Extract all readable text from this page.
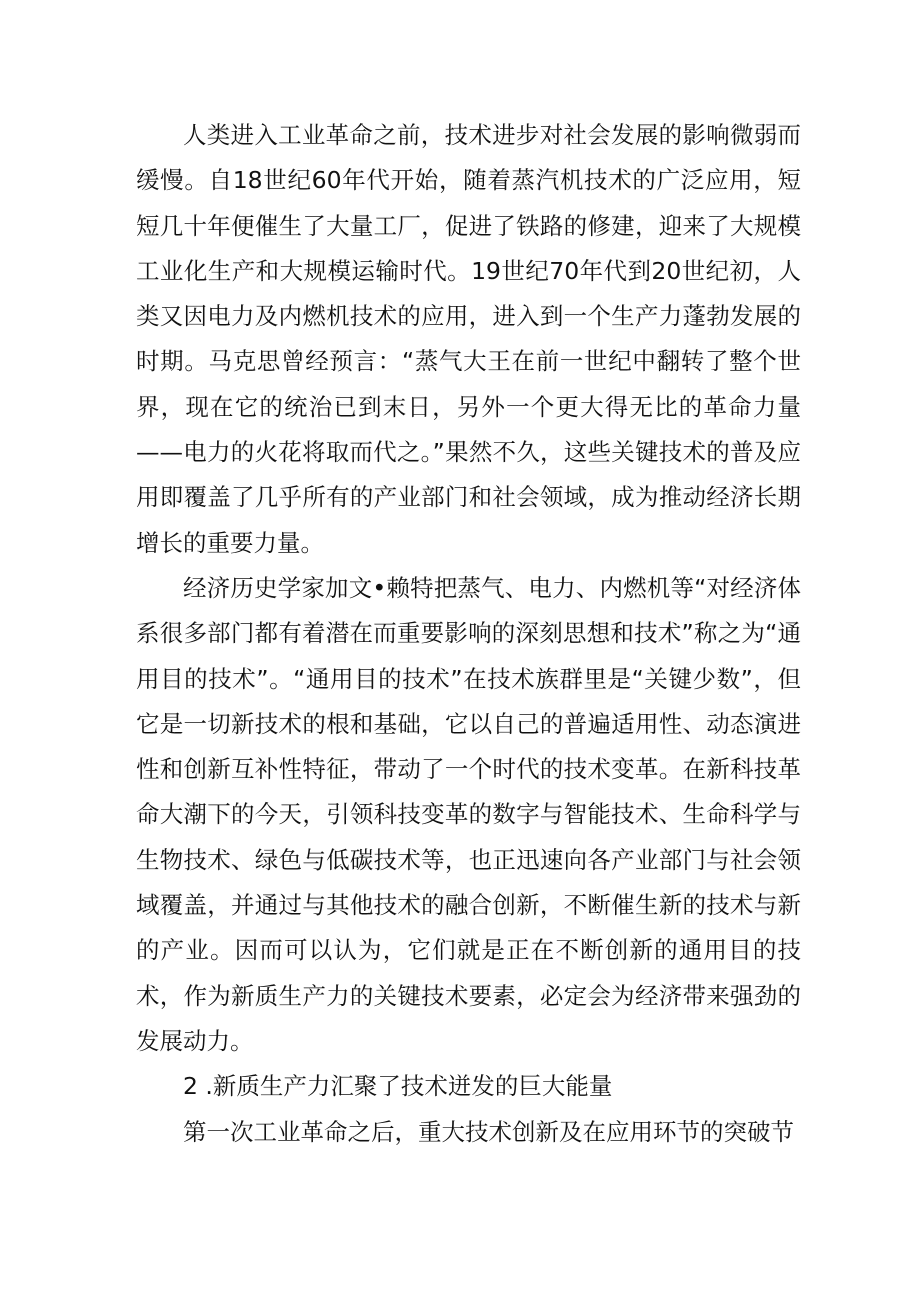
人类进入工业革命之前，技术进步对社会发展的影响微弱而缓慢。自18世纪60年代开始，随着蒸汽机技术的广泛应用，短短几十年便催生了大量工厂，促进了铁路的修建，迎来了大规模工业化生产和大规模运输时代。19世纪70年代到20世纪初，人类又因电力及内燃机技术的应用，进入到一个生产力蓬勃发展的时期。马克思曾经预言：“蒸气大王在前一世纪中翻转了整个世界，现在它的统治已到末日，另外一个更大得无比的革命力量——电力的火花将取而代之。”果然不久，这些关键技术的普及应用即覆盖了几乎所有的产业部门和社会领域，成为推动经济长期增长的重要力量。

经济历史学家加文•赖特把蒸气、电力、内燃机等“对经济体系很多部门都有着潜在而重要影响的深刻思想和技术”称之为“通用目的技术”。“通用目的技术”在技术族群里是“关键少数”，但它是一切新技术的根和基础，它以自己的普遍适用性、动态演进性和创新互补性特征，带动了一个时代的技术变革。在新科技革命大潮下的今天，引领科技变革的数字与智能技术、生命科学与生物技术、绿色与低碳技术等，也正迅速向各产业部门与社会领域覆盖，并通过与其他技术的融合创新，不断催生新的技术与新的产业。因而可以认为，它们就是正在不断创新的通用目的技术，作为新质生产力的关键技术要素，必定会为经济带来强劲的发展动力。

2 .新质生产力汇聚了技术迸发的巨大能量

第一次工业革命之后，重大技术创新及在应用环节的突破节
